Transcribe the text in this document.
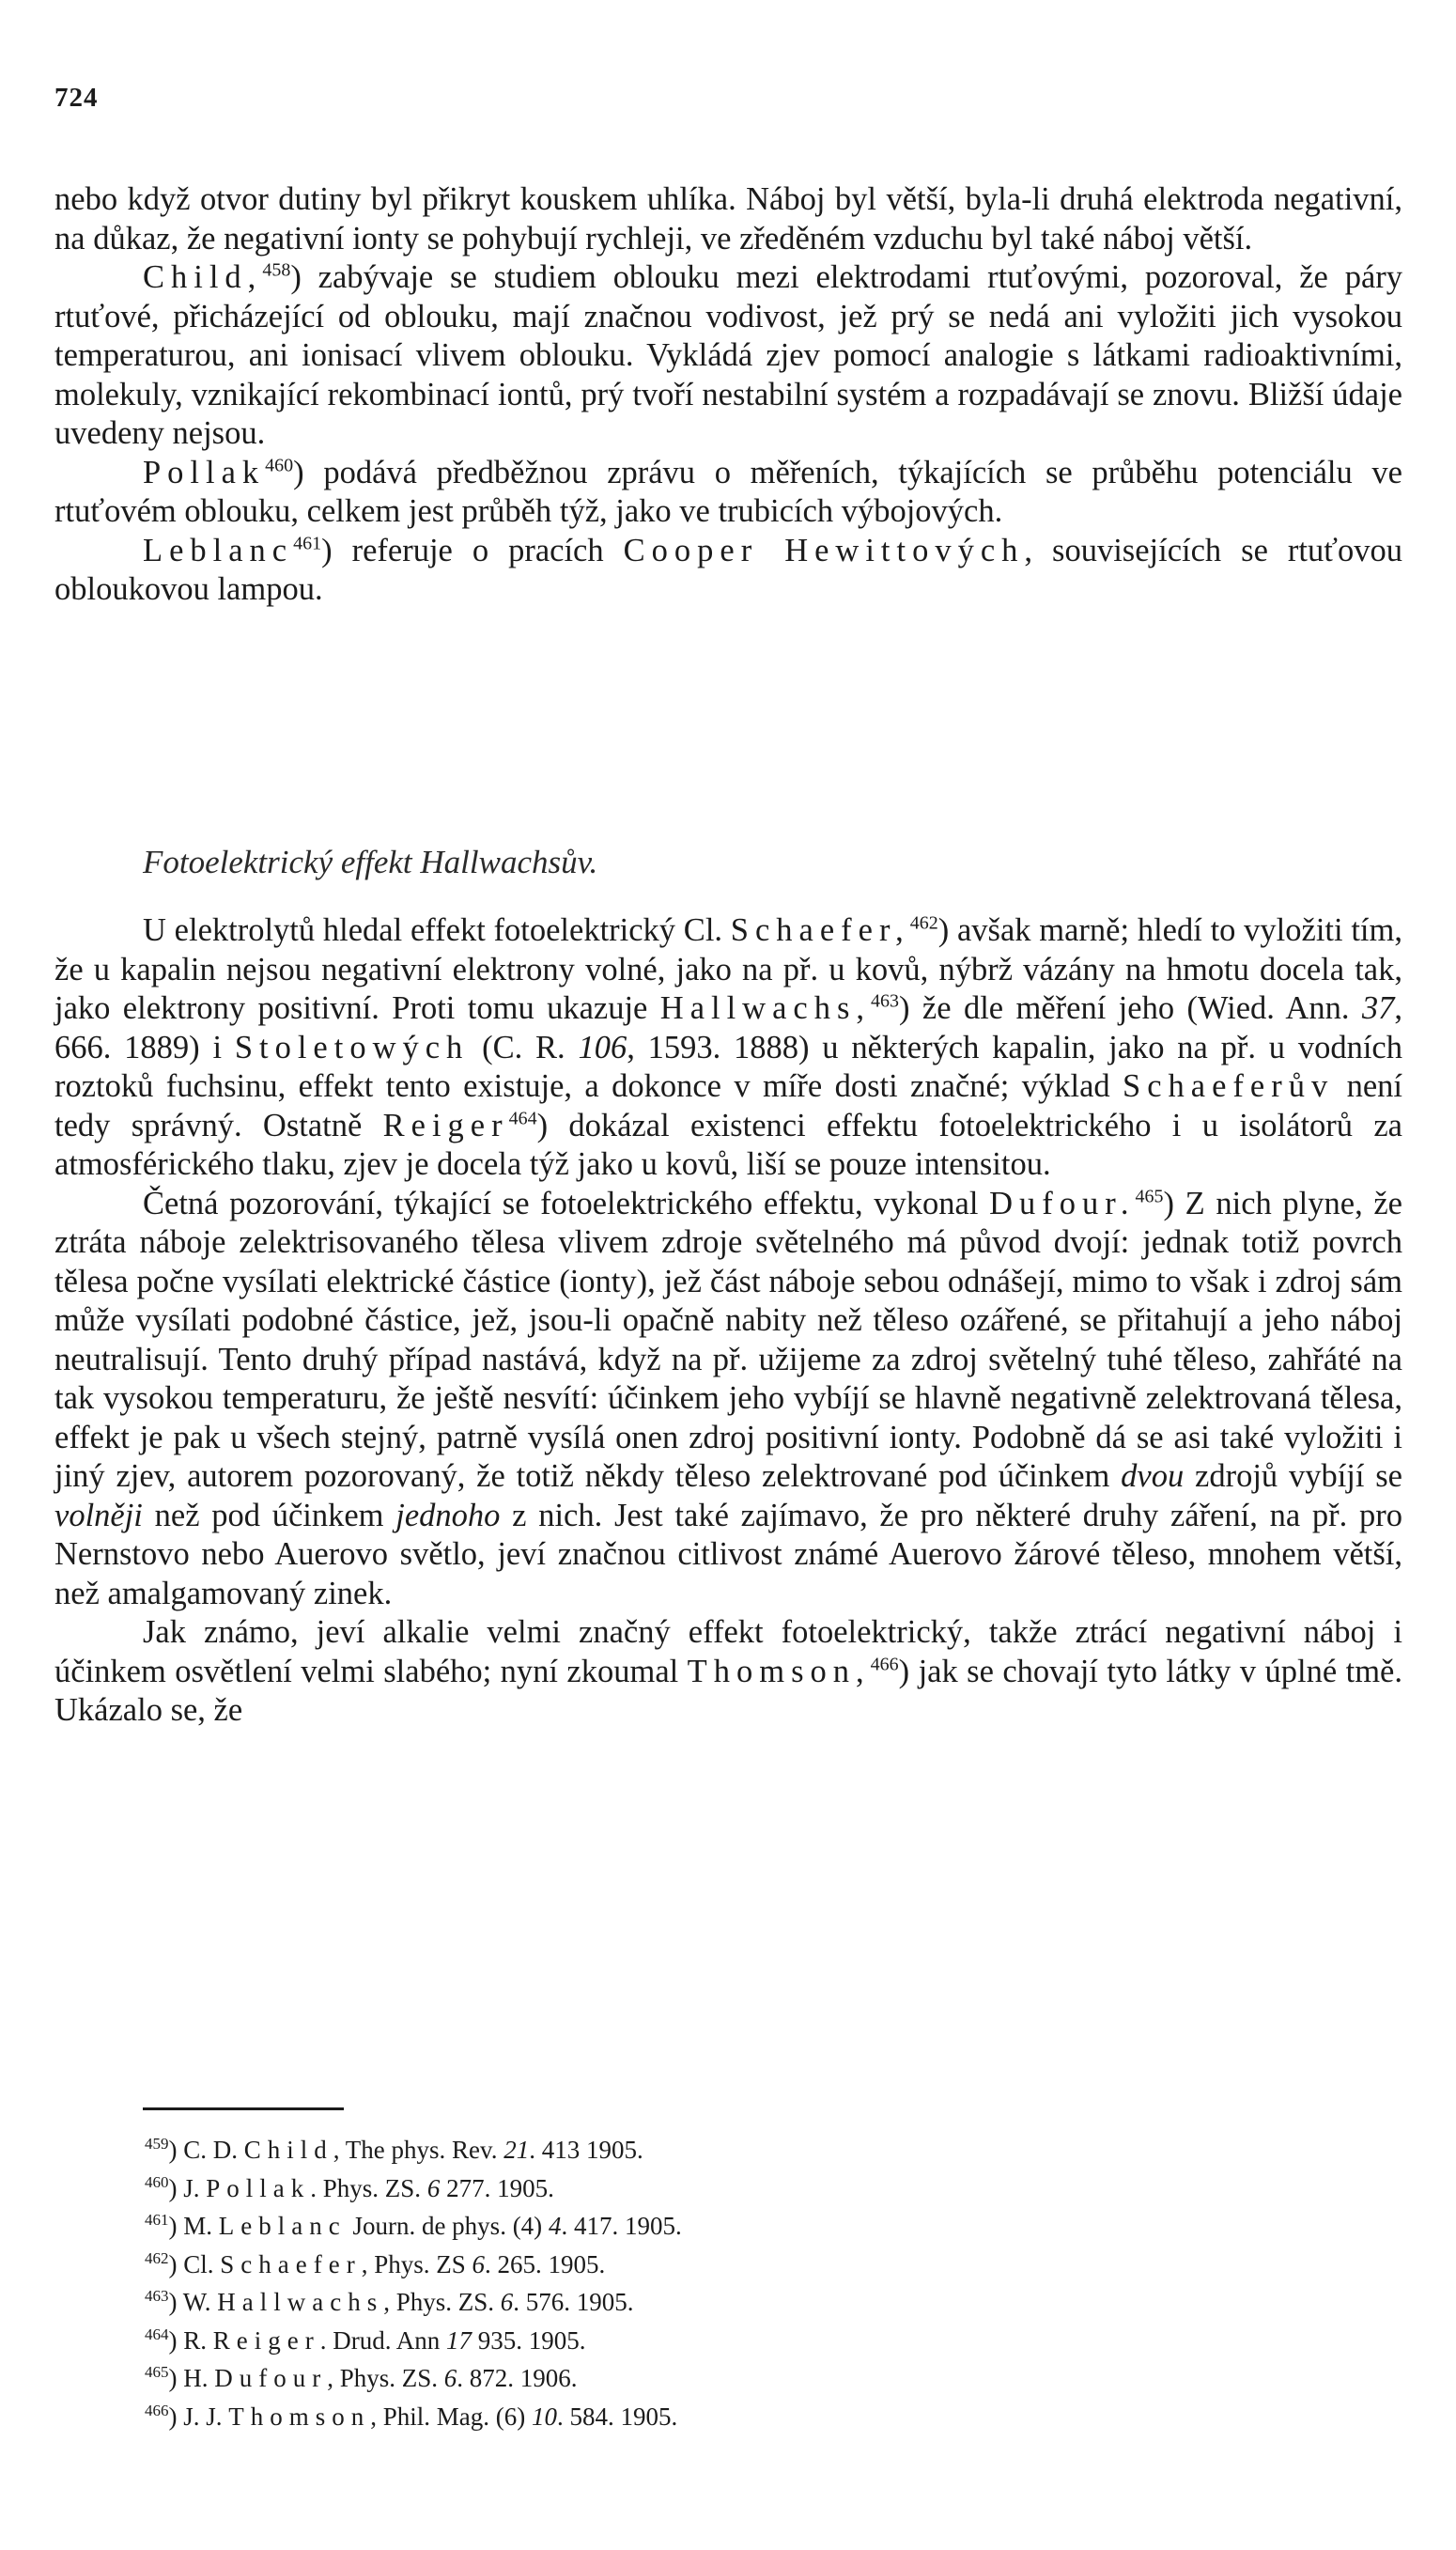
724

nebo když otvor dutiny byl přikryt kouskem uhlíka. Náboj byl větší, byla-li druhá elektroda negativní, na důkaz, že negativní ionty se pohybují rychleji, ve zředěném vzduchu byl také náboj větší.

Child,$^{458}$) zabývaje se studiem oblouku mezi elektrodami rtuťovými, pozoroval, že páry rtuťové, přicházející od oblouku, mají značnou vodivost, jež prý se nedá ani vyložiti jich vysokou temperaturou, ani ionisací vlivem oblouku. Vykládá zjev pomocí analogie s látkami radioaktivními, molekuly, vznikající rekombinací iontů, prý tvoří nestabilní systém a rozpadávají se znovu. Bližší údaje uvedeny nejsou.

Pollak$^{460}$) podává předběžnou zprávu o měřeních, týkajících se průběhu potenciálu ve rtuťovém oblouku, celkem jest průběh týž, jako ve trubicích výbojových.

Leblanc$^{461}$) referuje o pracích Cooper Hewittových, souvisejících se rtuťovou obloukovou lampou.

Fotoelektrický effekt Hallwachsův.

U elektrolytů hledal effekt fotoelektrický Cl. Schaefer,$^{462}$) avšak marně; hledí to vyložiti tím, že u kapalin nejsou negativní elektrony volné, jako na př. u kovů, nýbrž vázány na hmotu docela tak, jako elektrony positivní. Proti tomu ukazuje Hallwachs,$^{463}$) že dle měření jeho (Wied. Ann. 37, 666. 1889) i Stoletowých (C. R. 106, 1593. 1888) u některých kapalin, jako na př. u vodních roztoků fuchsinu, effekt tento existuje, a dokonce v míře dosti značné; výklad Schaeferův není tedy správný. Ostatně Reiger$^{464}$) dokázal existenci effektu fotoelektrického i u isolátorů za atmosférického tlaku, zjev je docela týž jako u kovů, liší se pouze intensitou.

Četná pozorování, týkající se fotoelektrického effektu, vykonal Dufour.$^{465}$) Z nich plyne, že ztráta náboje zelektrisovaného tělesa vlivem zdroje světelného má původ dvojí: jednak totiž povrch tělesa počne vysílati elektrické částice (ionty), jež část náboje sebou odnášejí, mimo to však i zdroj sám může vysílati podobné částice, jež, jsou-li opačně nabity než těleso ozářené, se přitahují a jeho náboj neutralisují. Tento druhý případ nastává, když na př. užijeme za zdroj světelný tuhé těleso, zahřáté na tak vysokou temperaturu, že ještě nesvítí: účinkem jeho vybíjí se hlavně negativně zelektrovaná tělesa, effekt je pak u všech stejný, patrně vysílá onen zdroj positivní ionty. Podobně dá se asi také vyložiti i jiný zjev, autorem pozorovaný, že totiž někdy těleso zelektrované pod účinkem dvou zdrojů vybíjí se volněji než pod účinkem jednoho z nich. Jest také zajímavo, že pro některé druhy záření, na př. pro Nernstovo nebo Auerovo světlo, jeví značnou citlivost známé Auerovo žárové těleso, mnohem větší, než amalgamovaný zinek.

Jak známo, jeví alkalie velmi značný effekt fotoelektrický, takže ztrácí negativní náboj i účinkem osvětlení velmi slabého; nyní zkoumal Thomson,$^{466}$) jak se chovají tyto látky v úplné tmě. Ukázalo se, že

$^{459}$) C. D. Child, The phys. Rev. 21. 413 1905.
$^{460}$) J. Pollak. Phys. ZS. 6 277. 1905.
$^{461}$) M. Leblanc Journ. de phys. (4) 4. 417. 1905.
$^{462}$) Cl. Schaefer, Phys. ZS 6. 265. 1905.
$^{463}$) W. Hallwachs, Phys. ZS. 6. 576. 1905.
$^{464}$) R. Reiger. Drud. Ann 17 935. 1905.
$^{465}$) H. Dufour, Phys. ZS. 6. 872. 1906.
$^{466}$) J. J. Thomson, Phil. Mag. (6) 10. 584. 1905.
